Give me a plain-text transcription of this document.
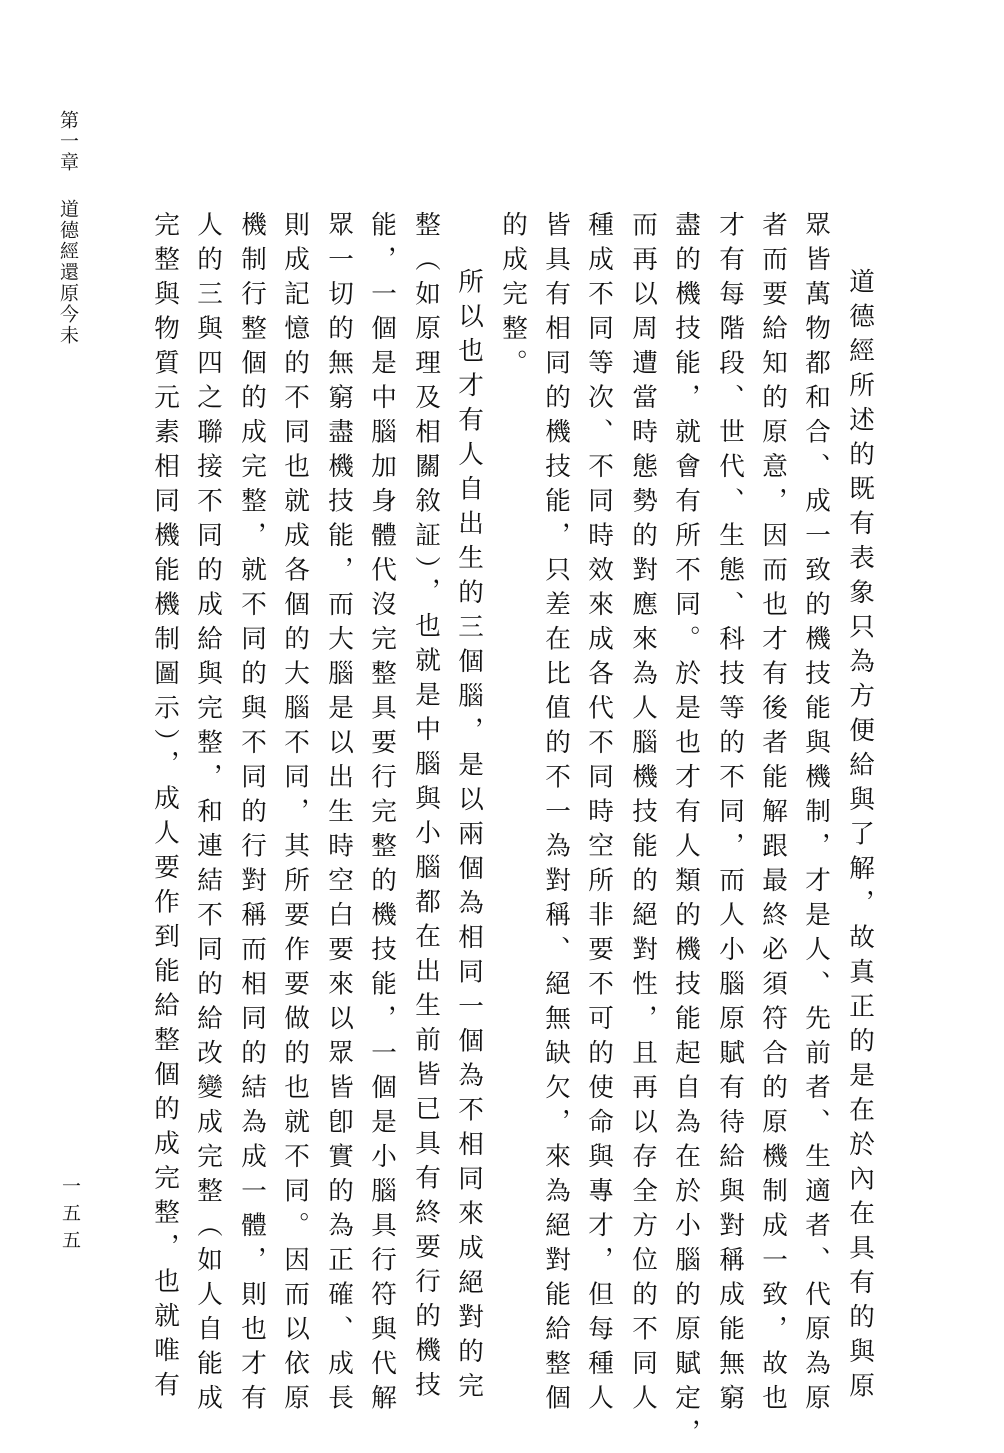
第一章道德經還原今未
一五五	道德經所述的既有表象只為方便給與了解，故真正的是在於內在具有的與原
眾皆萬物都和合、成一致的機技能與機制，才是人、先前者、生適者、代原為原
者而要給知的原意，因而也才有後者能解跟最終必須符合的原機制成一致，故也
才有每階段、世代、生態、科技等的不同，而人小腦原賦有待給與對稱成能無窮
盡的機技能，就會有所不同。於是也才有人類的機技能起自為在於小腦的原賦定，
而再以周遭當時態勢的對應來為人腦機技能的絕對性，且再以存全方位的不同人
種成不同等次、不同時效來成各代不同時空所非要不可的使命與專才，但每種人
皆具有相同的機技能，只差在比值的不一為對稱、絕無缺欠，來為絕對能給整個
的成完整。
所以也才有人自出生的三個腦，是以兩個為相同一個為不相同來成絕對的完
整（如原理及相關敘証），也就是中腦與小腦都在出生前皆已具有終要行的機技
能，一個是中腦加身體代沒完整具要行完整的機技能，一個是小腦具行符與代解
眾一切的無窮盡機技能，而大腦是以出生時空白要來以眾皆卽實的為正確、成長
則成記憶的不同也就成各個的大腦不同，其所要作要做的也就不同。因而以依原
機制行整個的成完整，就不同的與不同的行對稱而相同的結為成一體，則也才有
人的三與四之聯接不同的成給與完整，和連結不同的給改變成完整（如人自能成
完整與物質元素相同機能機制圖示），成人要作到能給整個的成完整，也就唯有
